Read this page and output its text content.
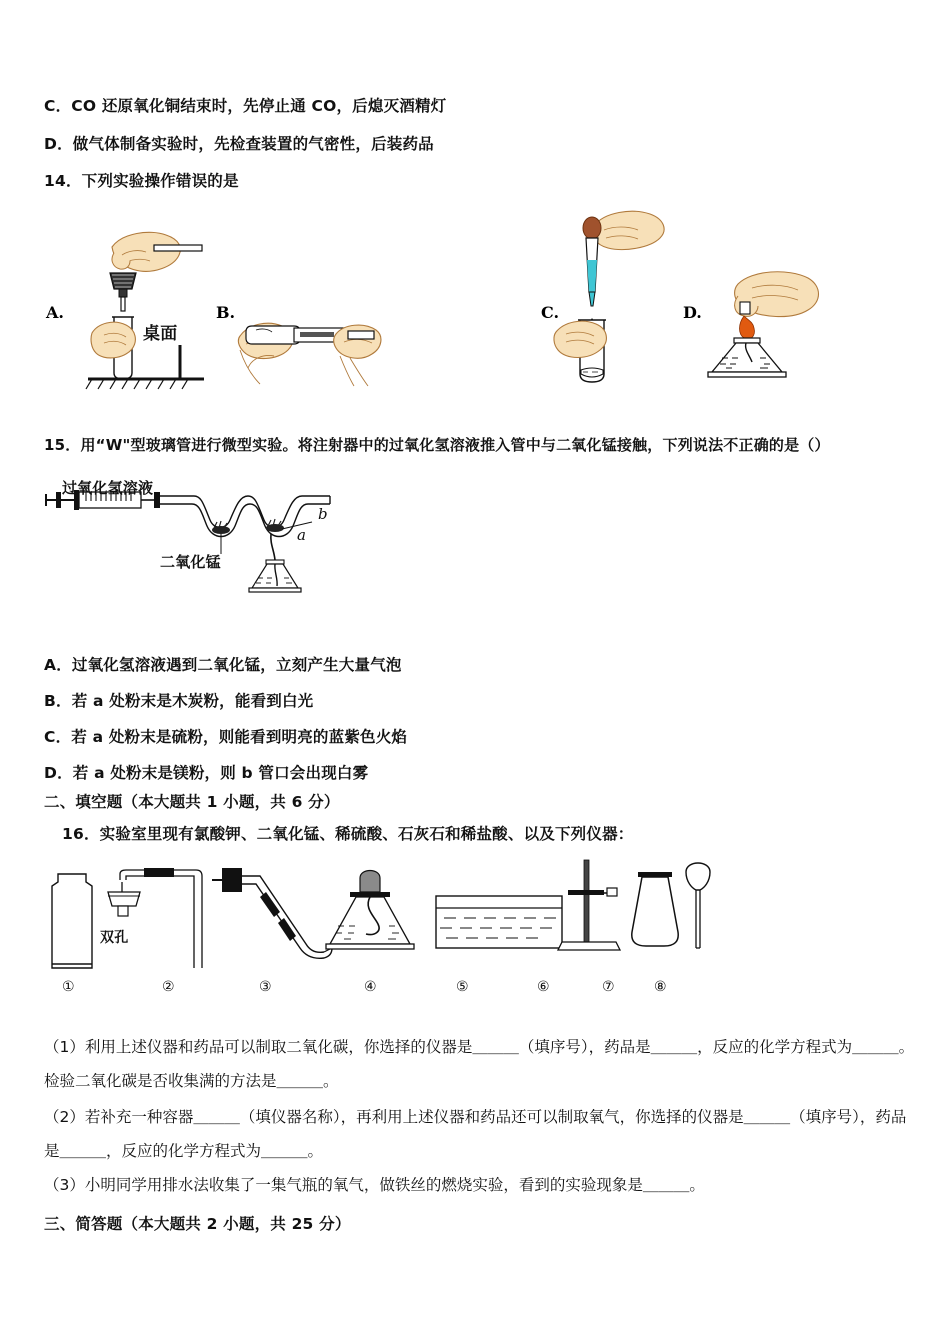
C．CO 还原氧化铜结束时，先停止通 CO，后熄灭酒精灯
D．做气体制备实验时，先检查装置的气密性，后装药品
14．下列实验操作错误的是
A.
桌面
B.	C.	D.
15．用“W"型玻璃管进行微型实验。将注射器中的过氧化氢溶液推入管中与二氧化锰接触，下列说法不正确的是（）
过氧化氢溶液
二氧化锰
b
a
A．过氧化氢溶液遇到二氧化锰，立刻产生大量气泡
B．若 a 处粉末是木炭粉，能看到白光
C．若 a 处粉末是硫粉，则能看到明亮的蓝紫色火焰
D．若 a 处粉末是镁粉，则 b 管口会出现白雾
二、填空题（本大题共 1 小题，共 6 分）
16．实验室里现有氯酸钾、二氧化锰、稀硫酸、石灰石和稀盐酸、以及下列仪器：
双孔
①	②	③	④	⑤	⑥	⑦	⑧
（1）利用上述仪器和药品可以制取二氧化碳，你选择的仪器是＿＿＿（填序号），药品是＿＿＿，反应的化学方程式为＿＿＿。检验二氧化碳是否收集满的方法是＿＿＿。
（2）若补充一种容器＿＿＿（填仪器名称），再利用上述仪器和药品还可以制取氧气，你选择的仪器是＿＿＿（填序号），药品是＿＿＿，反应的化学方程式为＿＿＿。
（3）小明同学用排水法收集了一集气瓶的氧气，做铁丝的燃烧实验，看到的实验现象是＿＿＿。
三、简答题（本大题共 2 小题，共 25 分）
